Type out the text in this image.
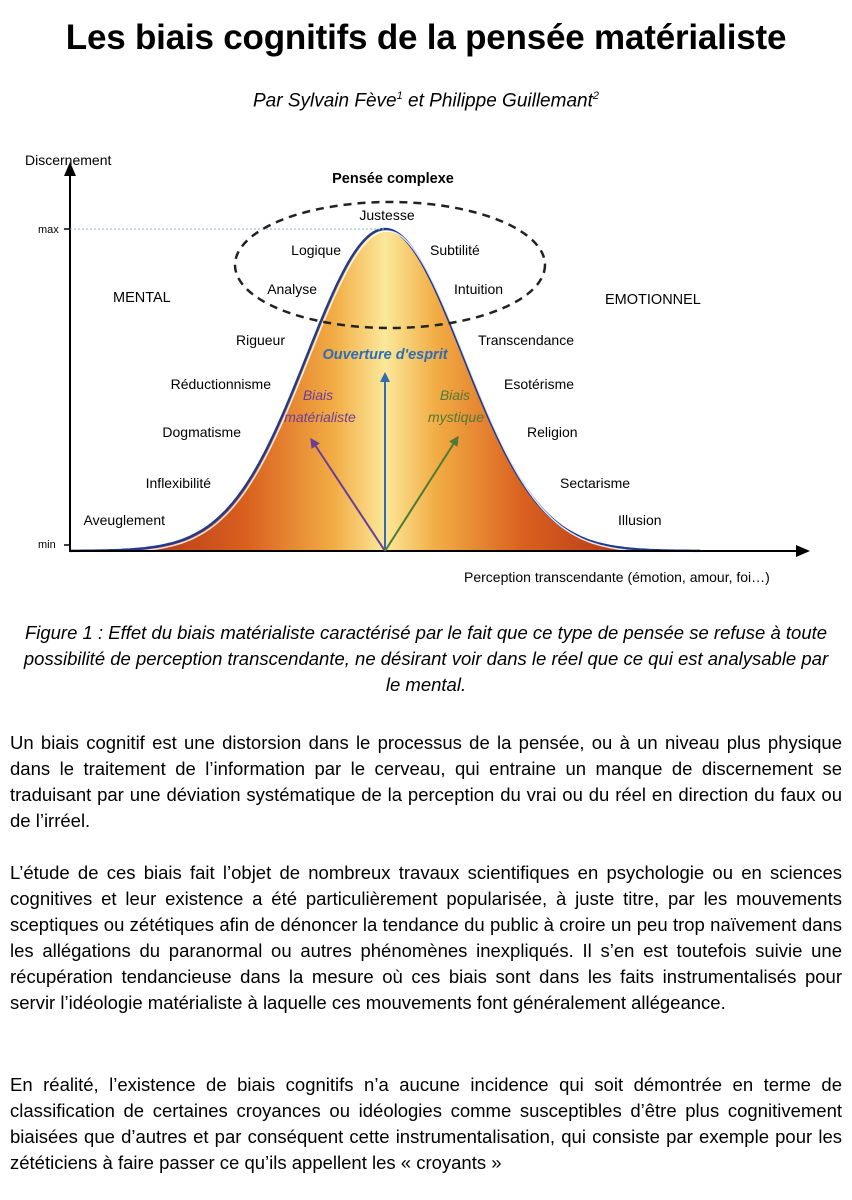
Les biais cognitifs de la pensée matérialiste
Par Sylvain Fève$^1$ et Philippe Guillemant$^2$
Discernement
max
min
Perception transcendante (émotion, amour, foi…)
Pensée complexe
MENTAL	EMOTIONNEL
Justesse
Logique
Analyse
Rigueur
Réductionnisme
Dogmatisme
Inflexibilité
Aveuglement
Subtilité
Intuition
Transcendance
Esotérisme
Religion
Sectarisme
Illusion
Ouverture d'esprit
Biais
matérialiste
Biais
mystique
Figure 1 : Effet du biais matérialiste caractérisé par le fait que ce type de pensée se refuse à toute possibilité de perception transcendante, ne désirant voir dans le réel que ce qui est analysable par le mental.

Un biais cognitif est une distorsion dans le processus de la pensée, ou à un niveau plus physique dans le traitement de l’information par le cerveau, qui entraine un manque de discernement se traduisant par une déviation systématique de la perception du vrai ou du réel en direction du faux ou de l’irréel.

L’étude de ces biais fait l’objet de nombreux travaux scientifiques en psychologie ou en sciences cognitives et leur existence a été particulièrement popularisée, à juste titre, par les mouvements sceptiques ou zététiques afin de dénoncer la tendance du public à croire un peu trop naïvement dans les allégations du paranormal ou autres phénomènes inexpliqués. Il s’en est toutefois suivie une récupération tendancieuse dans la mesure où ces biais sont dans les faits instrumentalisés pour servir l’idéologie matérialiste à laquelle ces mouvements font généralement allégeance.

En réalité, l’existence de biais cognitifs n’a aucune incidence qui soit démontrée en terme de classification de certaines croyances ou idéologies comme susceptibles d’être plus cognitivement biaisées que d’autres et par conséquent cette instrumentalisation, qui consiste par exemple pour les zététiciens à faire passer ce qu’ils appellent les « croyants »
